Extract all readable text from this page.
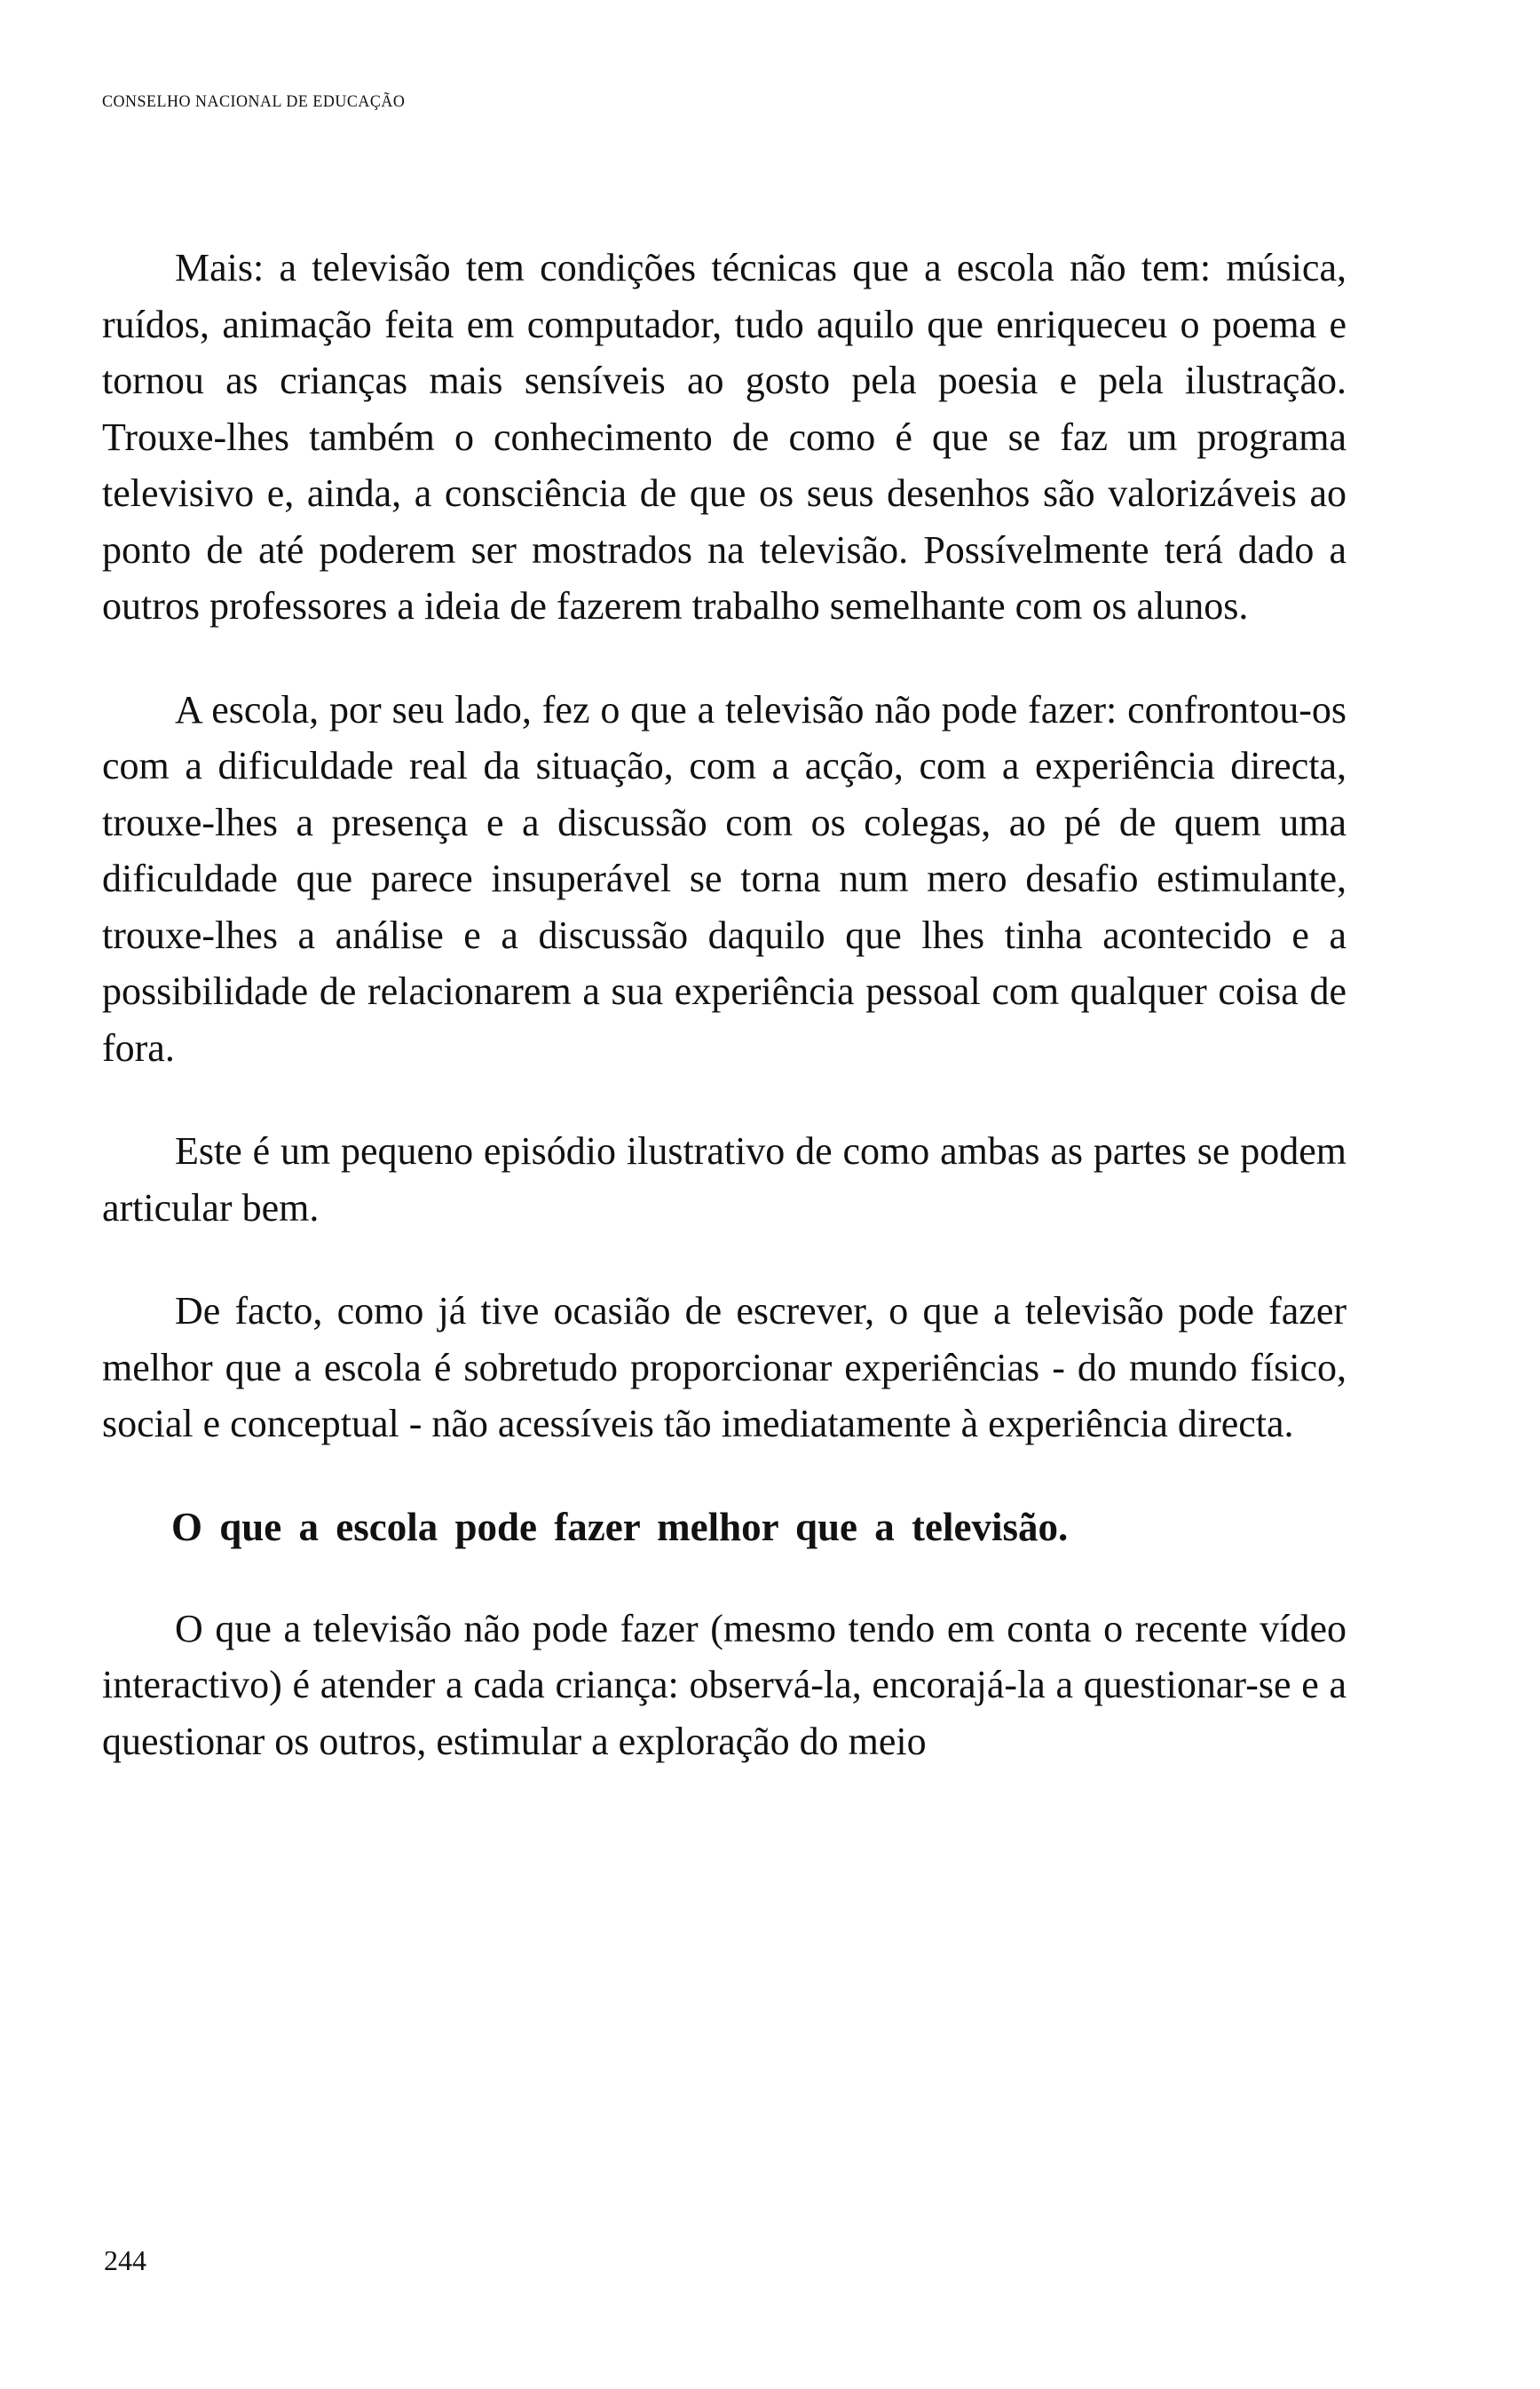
CONSELHO NACIONAL DE EDUCAÇÃO

Mais: a televisão tem condições técnicas que a escola não tem: música, ruídos, animação feita em computador, tudo aquilo que enriqueceu o poema e tornou as crianças mais sensíveis ao gosto pela poesia e pela ilustração. Trouxe-lhes também o conhecimento de como é que se faz um programa televisivo e, ainda, a consciência de que os seus desenhos são valorizáveis ao ponto de até poderem ser mostrados na televisão. Possívelmente terá dado a outros professores a ideia de fazerem trabalho semelhante com os alunos.

A escola, por seu lado, fez o que a televisão não pode fazer: confrontou-os com a dificuldade real da situação, com a acção, com a experiência directa, trouxe-lhes a presença e a discussão com os colegas, ao pé de quem uma dificuldade que parece insuperável se torna num mero desafio estimulante, trouxe-lhes a análise e a discussão daquilo que lhes tinha acontecido e a possibilidade de relacionarem a sua experiência pessoal com qualquer coisa de fora.

Este é um pequeno episódio ilustrativo de como ambas as partes se podem articular bem.

De facto, como já tive ocasião de escrever, o que a televisão pode fazer melhor que a escola é sobretudo proporcionar experiências - do mundo físico, social e conceptual - não acessíveis tão imediatamente à experiência directa.

O que a escola pode fazer melhor que a televisão.

O que a televisão não pode fazer (mesmo tendo em conta o recente vídeo interactivo) é atender a cada criança: observá-la, encorajá-la a questionar-se e a questionar os outros, estimular a exploração do meio

244
